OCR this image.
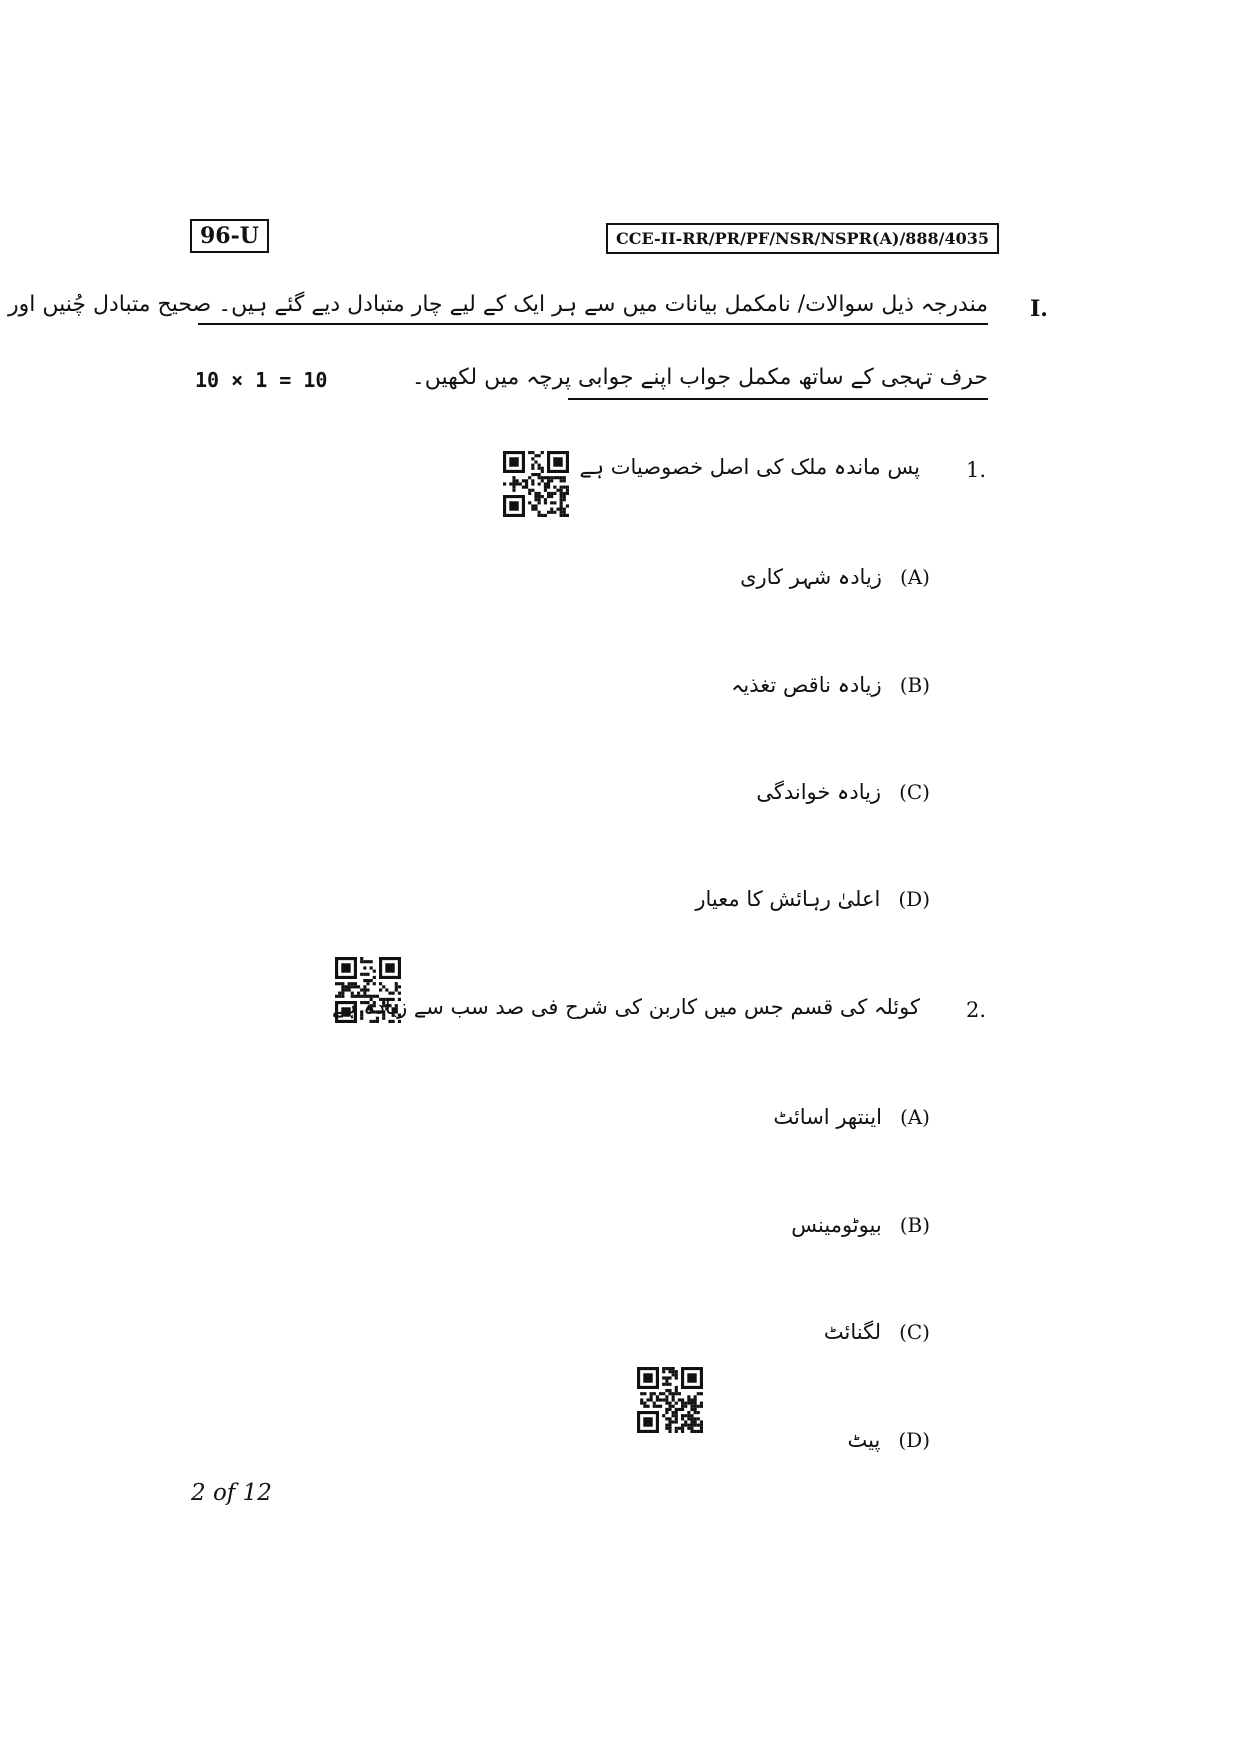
96-U	CCE-II-RR/PR/PF/NSR/NSPR(A)/888/4035
I.
مندرجہ ذیل سوالات/ نامکمل بیانات میں سے ہر ایک کے لیے چار متبادل دیے گئے ہیں۔ صحیح متبادل چُنیں اور
حرف تہجی کے ساتھ مکمل جواب اپنے جوابی پرچہ میں لکھیں۔
10 × 1 = 10
1.
پس ماندہ ملک کی اصل خصوصیات ہے
(A)
زیادہ شہر کاری
(B)
زیادہ ناقص تغذیہ
(C)
زیادہ خواندگی
(D)
اعلیٰ رہائش کا معیار
2.
کوئلہ کی قسم جس میں کاربن کی شرح فی صد سب سے زیادہ ہے
(A)
اینتھر اسائٹ
(B)
بیوٹومینس
(C)
لگنائٹ
(D)
پیٹ
2 of 12
